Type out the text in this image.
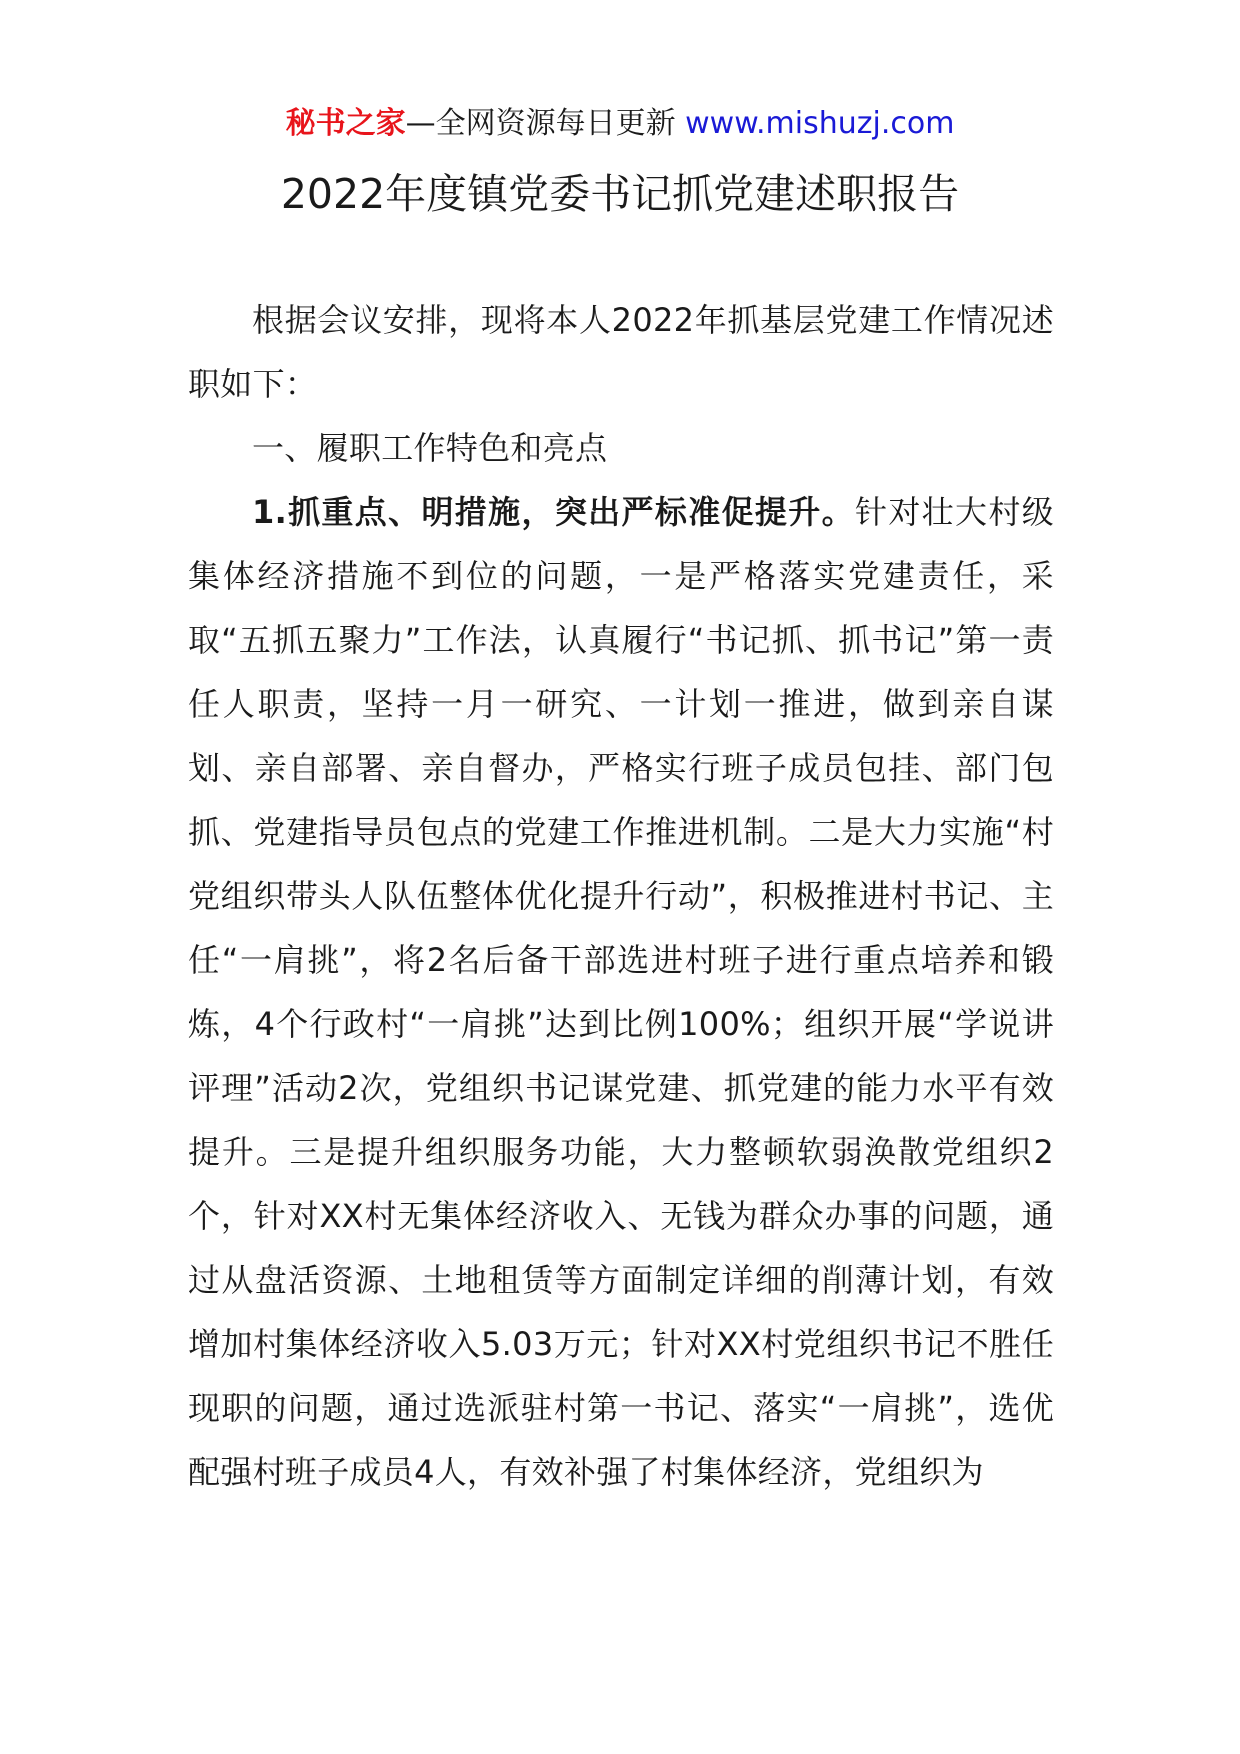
秘书之家—全网资源每日更新 www.mishuzj.com
2022年度镇党委书记抓党建述职报告

根据会议安排，现将本人2022年抓基层党建工作情况述职如下：

一、履职工作特色和亮点

1.抓重点、明措施，突出严标准促提升。针对壮大村级集体经济措施不到位的问题，一是严格落实党建责任，采取“五抓五聚力”工作法，认真履行“书记抓、抓书记”第一责任人职责，坚持一月一研究、一计划一推进，做到亲自谋划、亲自部署、亲自督办，严格实行班子成员包挂、部门包抓、党建指导员包点的党建工作推进机制。二是大力实施“村党组织带头人队伍整体优化提升行动”，积极推进村书记、主任“一肩挑”，将2名后备干部选进村班子进行重点培养和锻炼，4个行政村“一肩挑”达到比例100%；组织开展“学说讲评理”活动2次，党组织书记谋党建、抓党建的能力水平有效提升。三是提升组织服务功能，大力整顿软弱涣散党组织2个，针对XX村无集体经济收入、无钱为群众办事的问题，通过从盘活资源、土地租赁等方面制定详细的削薄计划，有效增加村集体经济收入5.03万元；针对XX村党组织书记不胜任现职的问题，通过选派驻村第一书记、落实“一肩挑”，选优配强村班子成员4人，有效补强了村集体经济，党组织为
